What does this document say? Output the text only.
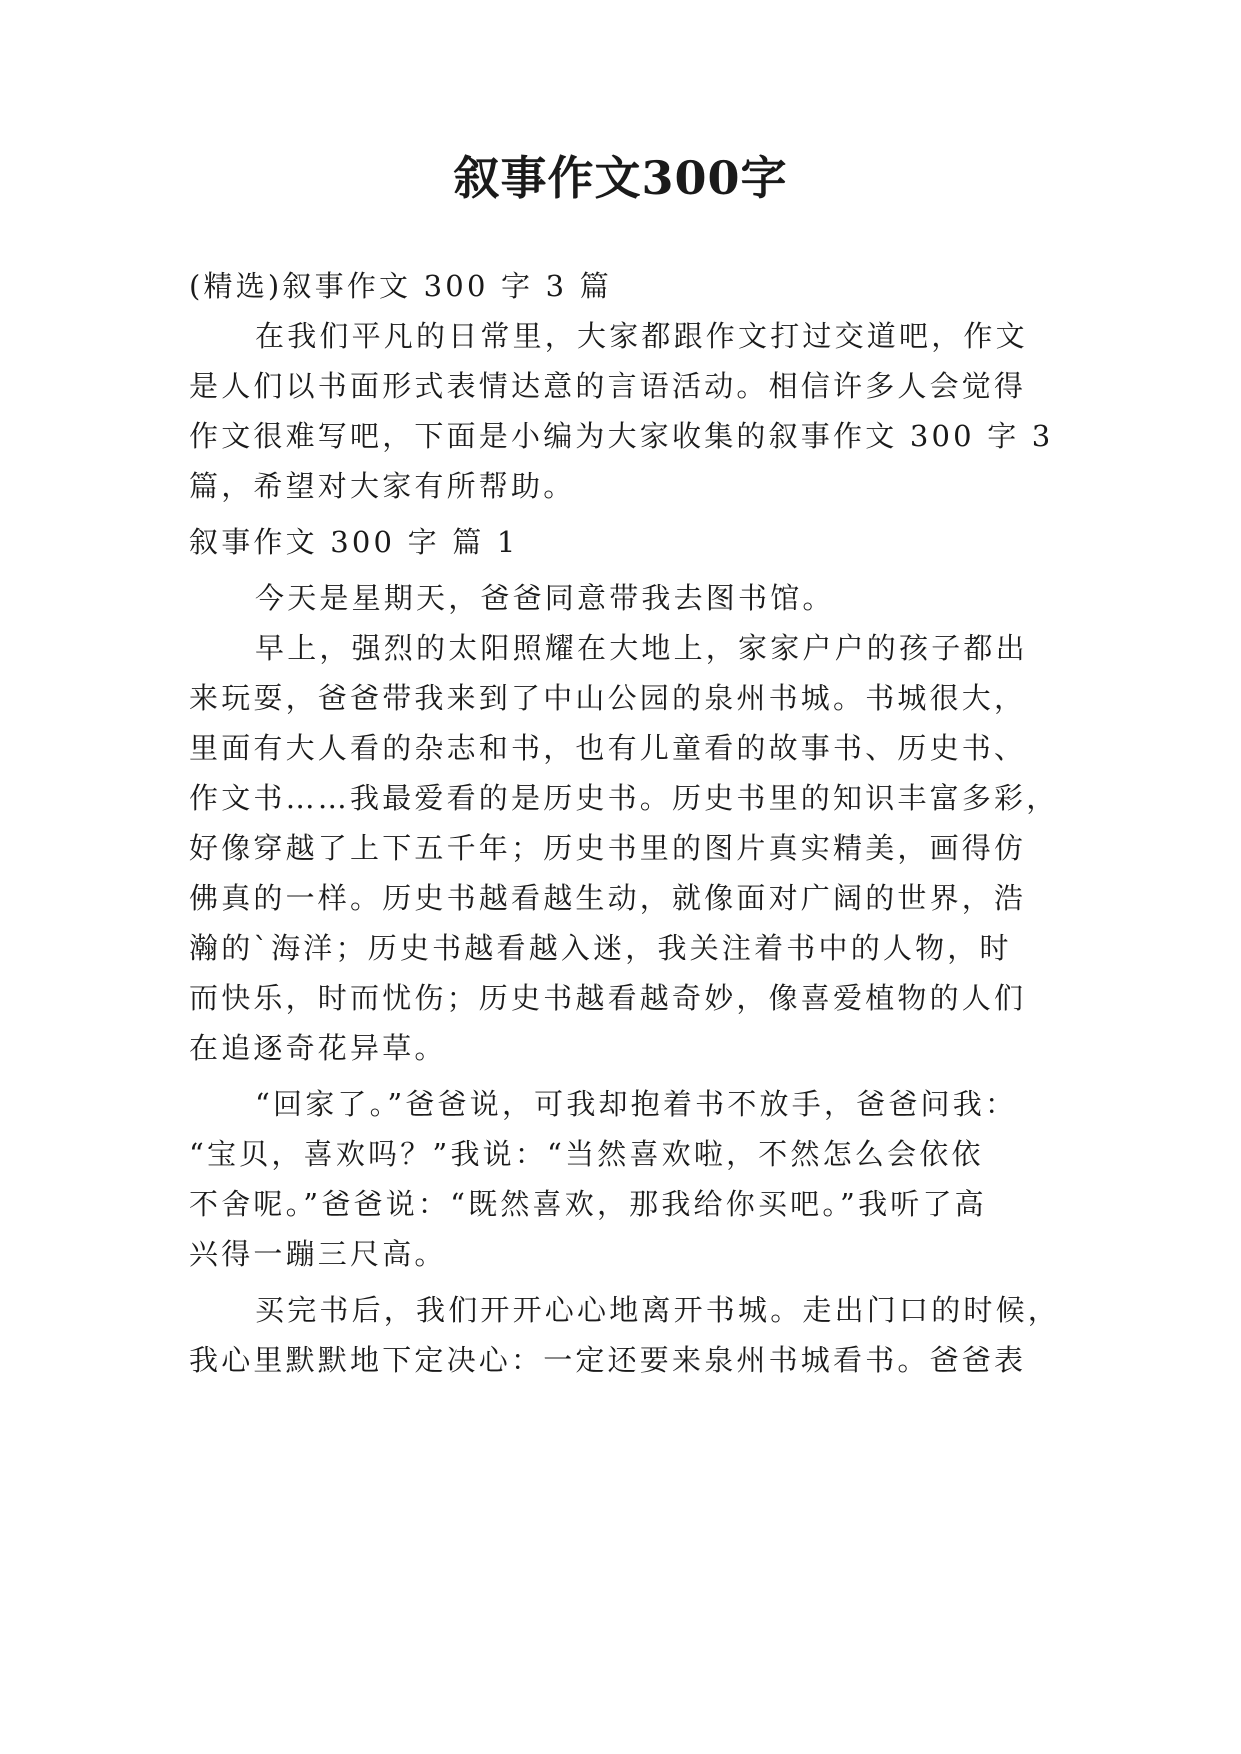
叙事作文300字
(精选)叙事作文 300 字 3 篇
在我们平凡的日常里，大家都跟作文打过交道吧，作文
是人们以书面形式表情达意的言语活动。相信许多人会觉得
作文很难写吧，下面是小编为大家收集的叙事作文 300 字 3
篇，希望对大家有所帮助。
叙事作文 300 字 篇 1
今天是星期天，爸爸同意带我去图书馆。
早上，强烈的太阳照耀在大地上，家家户户的孩子都出
来玩耍，爸爸带我来到了中山公园的泉州书城。书城很大，
里面有大人看的杂志和书，也有儿童看的故事书、历史书、
作文书……我最爱看的是历史书。历史书里的知识丰富多彩，
好像穿越了上下五千年；历史书里的图片真实精美，画得仿
佛真的一样。历史书越看越生动，就像面对广阔的世界，浩
瀚的`海洋；历史书越看越入迷，我关注着书中的人物，时
而快乐，时而忧伤；历史书越看越奇妙，像喜爱植物的人们
在追逐奇花异草。
“回家了。”爸爸说，可我却抱着书不放手，爸爸问我：
“宝贝，喜欢吗？”我说：“当然喜欢啦，不然怎么会依依
不舍呢。”爸爸说：“既然喜欢，那我给你买吧。”我听了高
兴得一蹦三尺高。
买完书后，我们开开心心地离开书城。走出门口的时候，
我心里默默地下定决心：一定还要来泉州书城看书。爸爸表
